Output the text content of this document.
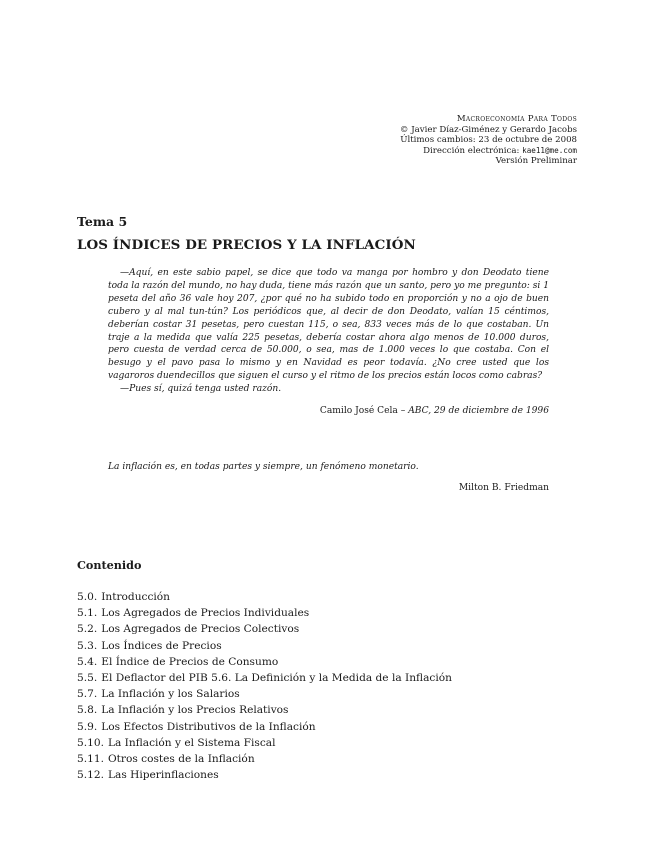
Macroeconomía Para Todos
© Javier Díaz-Giménez y Gerardo Jacobs
Últimos cambios: 23 de octubre de 2008
Dirección electrónica: kae11@me.com
Versión Preliminar
Tema 5
LOS ÍNDICES DE PRECIOS Y LA INFLACIÓN

—Aquí, en este sabio papel, se dice que todo va manga por hombro y don Deodato tiene toda la razón del mundo, no hay duda, tiene más razón que un santo, pero yo me pregunto: si 1 peseta del año 36 vale hoy 207, ¿por qué no ha subido todo en proporción y no a ojo de buen cubero y al mal tun-tún? Los periódicos que, al decir de don Deodato, valían 15 céntimos, deberían costar 31 pesetas, pero cuestan 115, o sea, 833 veces más de lo que costaban. Un traje a la medida que valía 225 pesetas, debería costar ahora algo menos de 10.000 duros, pero cuesta de verdad cerca de 50.000, o sea, mas de 1.000 veces lo que costaba. Con el besugo y el pavo pasa lo mismo y en Navidad es peor todavía. ¿No cree usted que los vagaroros duendecillos que siguen el curso y el ritmo de los precios están locos como cabras?

—Pues sí, quizá tenga usted razón.

Camilo José Cela – ABC, 29 de diciembre de 1996
La inflación es, en todas partes y siempre, un fenómeno monetario.
Milton B. Friedman
Contenido
5.0. Introducción
5.1. Los Agregados de Precios Individuales
5.2. Los Agregados de Precios Colectivos
5.3. Los Índices de Precios
5.4. El Índice de Precios de Consumo
5.5. El Deflactor del PIB 5.6. La Definición y la Medida de la Inflación
5.7. La Inflación y los Salarios
5.8. La Inflación y los Precios Relativos
5.9. Los Efectos Distributivos de la Inflación
5.10. La Inflación y el Sistema Fiscal
5.11. Otros costes de la Inflación
5.12. Las Hiperinflaciones
